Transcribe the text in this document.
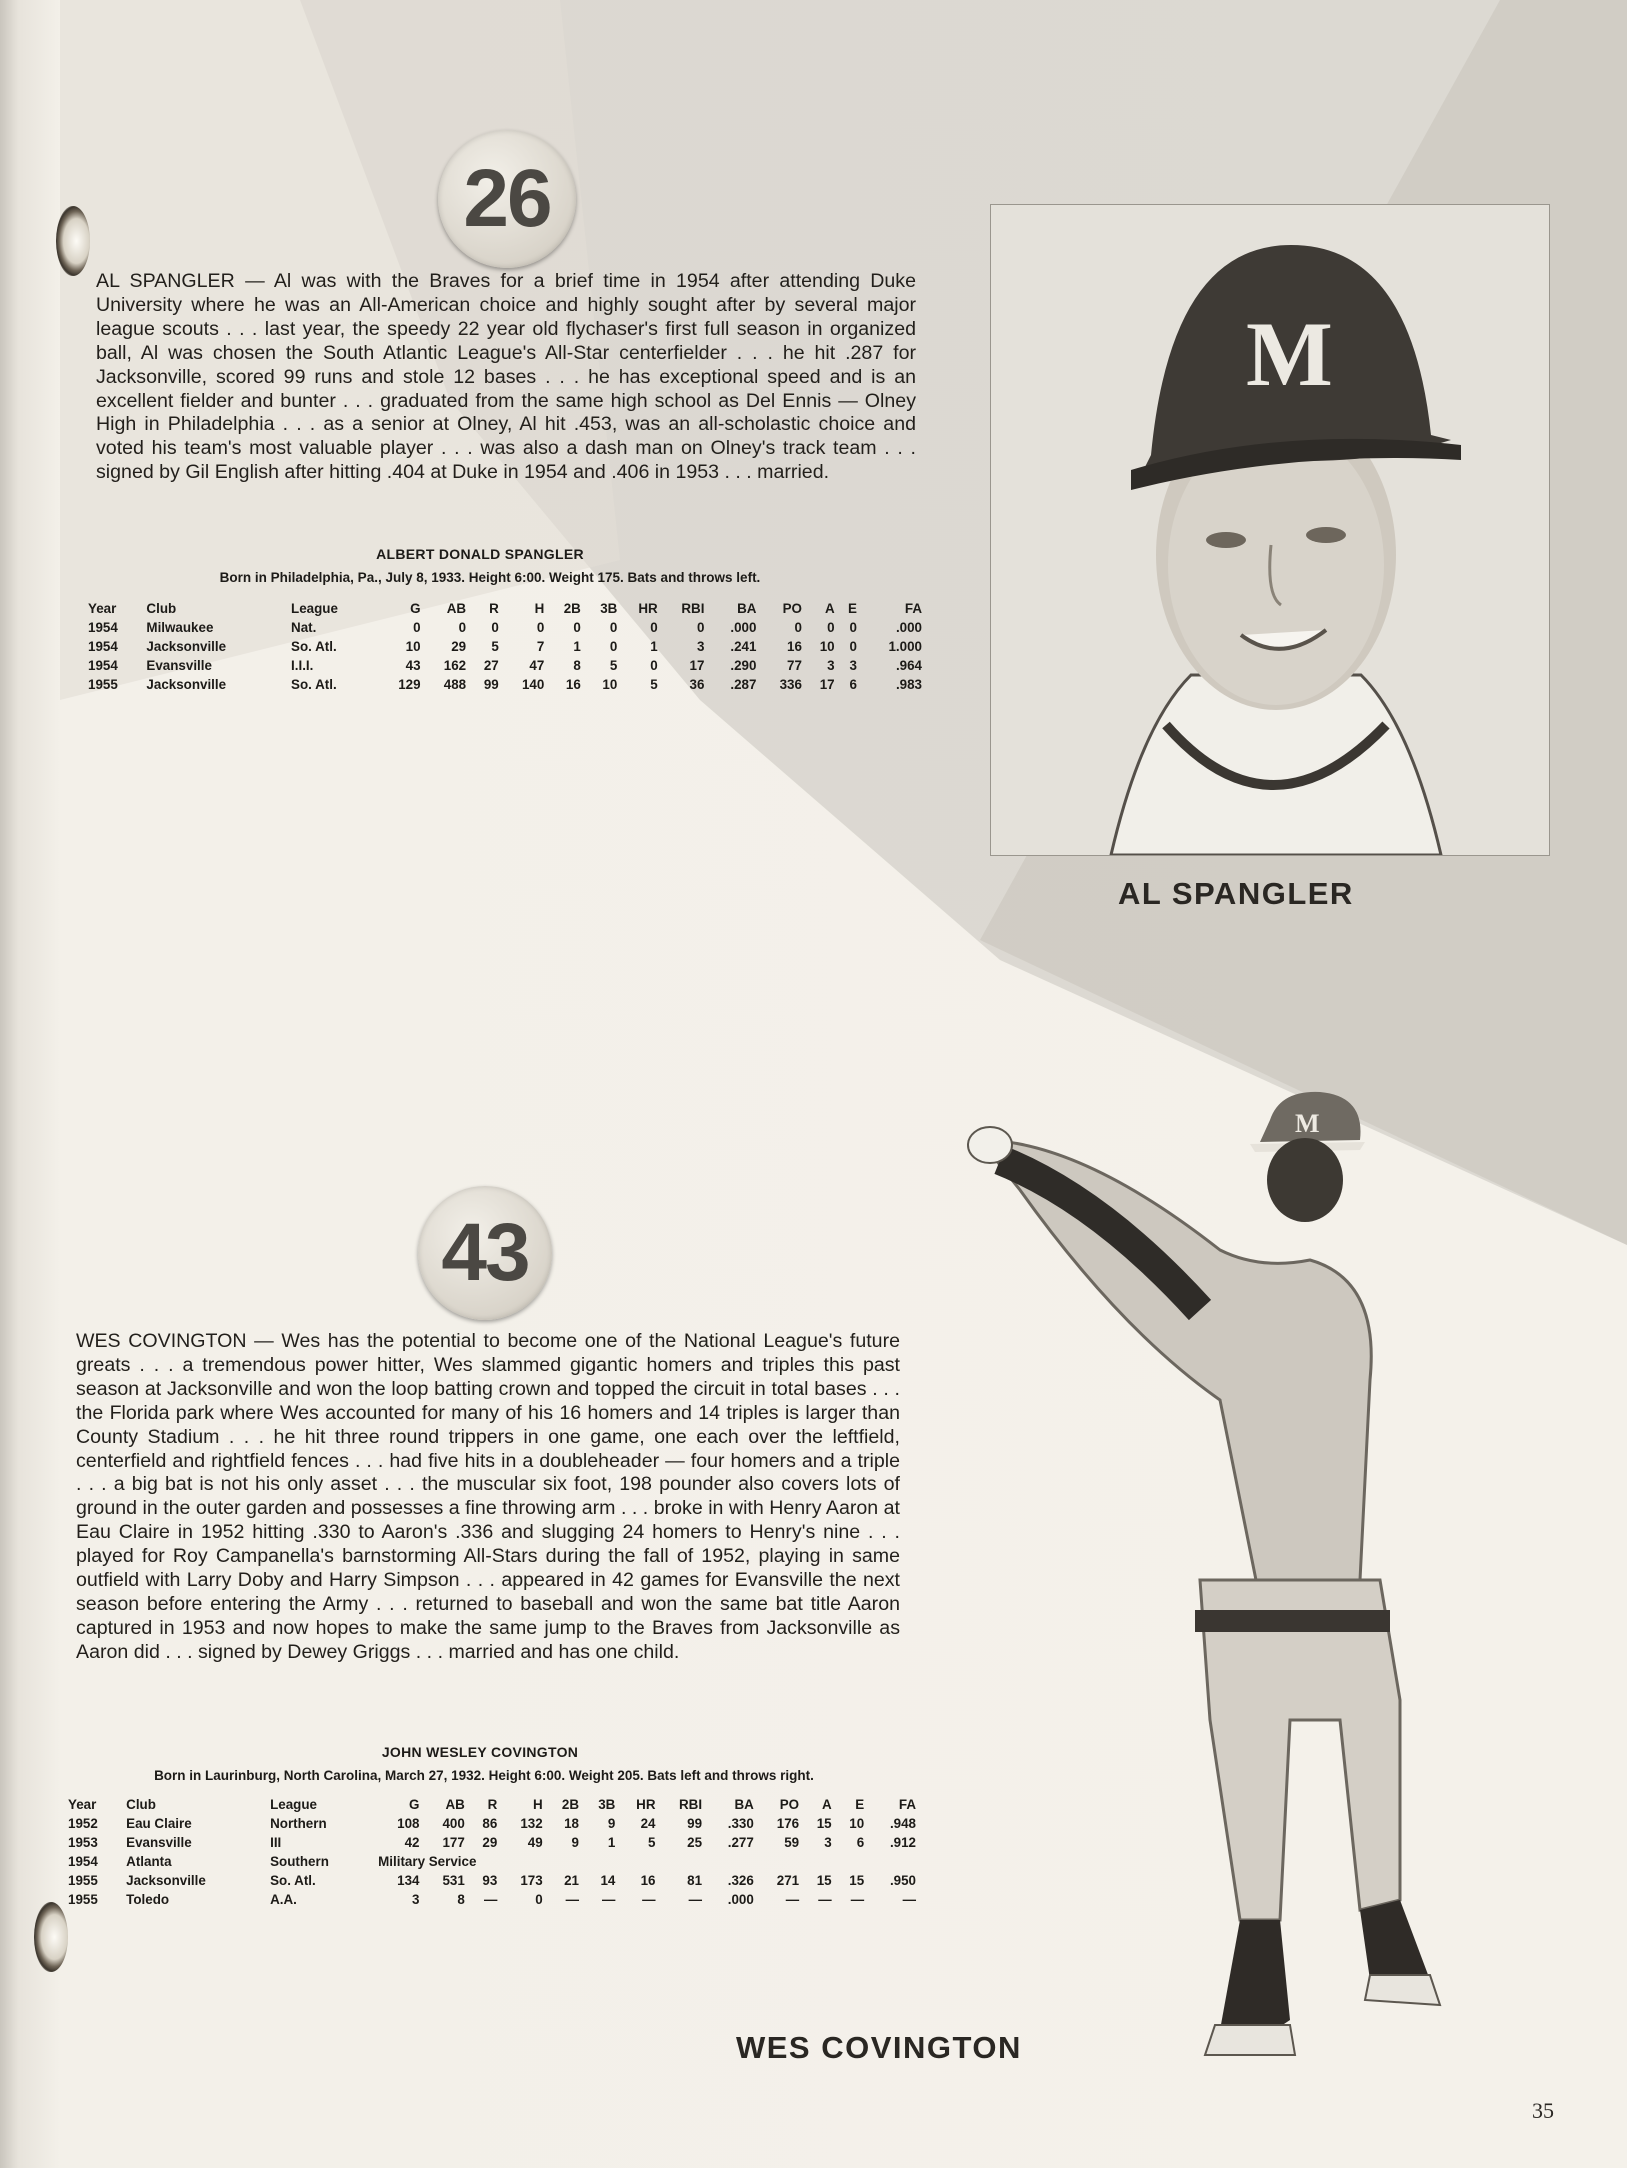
26
AL SPANGLER — Al was with the Braves for a brief time in 1954 after attending Duke University where he was an All-American choice and highly sought after by several major league scouts . . . last year, the speedy 22 year old flychaser's first full season in organized ball, Al was chosen the South Atlantic League's All-Star centerfielder . . . he hit .287 for Jacksonville, scored 99 runs and stole 12 bases . . . he has exceptional speed and is an excellent fielder and bunter . . . graduated from the same high school as Del Ennis — Olney High in Philadelphia . . . as a senior at Olney, Al hit .453, was an all-scholastic choice and voted his team's most valuable player . . . was also a dash man on Olney's track team . . . signed by Gil English after hitting .404 at Duke in 1954 and .406 in 1953 . . . married.
ALBERT DONALD SPANGLER
Born in Philadelphia, Pa., July 8, 1933. Height 6:00. Weight 175. Bats and throws left.
Year	Club	League	G	AB	R	H	2B	3B	HR	RBI	BA	PO	A	E	FA
1954	Milwaukee	Nat.	0	0	0	0	0	0	0	0	.000	0	0	0	.000
1954	Jacksonville	So. Atl.	10	29	5	7	1	0	1	3	.241	16	10	0	1.000
1954	Evansville	I.I.I.	43	162	27	47	8	5	0	17	.290	77	3	3	.964
1955	Jacksonville	So. Atl.	129	488	99	140	16	10	5	36	.287	336	17	6	.983
M
AL SPANGLER
43
WES COVINGTON — Wes has the potential to become one of the National League's future greats . . . a tremendous power hitter, Wes slammed gigantic homers and triples this past season at Jacksonville and won the loop batting crown and topped the circuit in total bases . . . the Florida park where Wes accounted for many of his 16 homers and 14 triples is larger than County Stadium . . . he hit three round trippers in one game, one each over the leftfield, centerfield and rightfield fences . . . had five hits in a doubleheader — four homers and a triple . . . a big bat is not his only asset . . . the muscular six foot, 198 pounder also covers lots of ground in the outer garden and possesses a fine throwing arm . . . broke in with Henry Aaron at Eau Claire in 1952 hitting .330 to Aaron's .336 and slugging 24 homers to Henry's nine . . . played for Roy Campanella's barnstorming All-Stars during the fall of 1952, playing in same outfield with Larry Doby and Harry Simpson . . . appeared in 42 games for Evansville the next season before entering the Army . . . returned to baseball and won the same bat title Aaron captured in 1953 and now hopes to make the same jump to the Braves from Jacksonville as Aaron did . . . signed by Dewey Griggs . . . married and has one child.
JOHN WESLEY COVINGTON
Born in Laurinburg, North Carolina, March 27, 1932. Height 6:00. Weight 205. Bats left and throws right.
Year	Club	League	G	AB	R	H	2B	3B	HR	RBI	BA	PO	A	E	FA
1952	Eau Claire	Northern	108	400	86	132	18	9	24	99	.330	176	15	10	.948
1953	Evansville	III	42	177	29	49	9	1	5	25	.277	59	3	6	.912
1954	Atlanta	Southern	Military Service												
1955	Jacksonville	So. Atl.	134	531	93	173	21	14	16	81	.326	271	15	15	.950
1955	Toledo	A.A.	3	8	—	0	—	—	—	—	.000	—	—	—	—
M
WES COVINGTON
35
